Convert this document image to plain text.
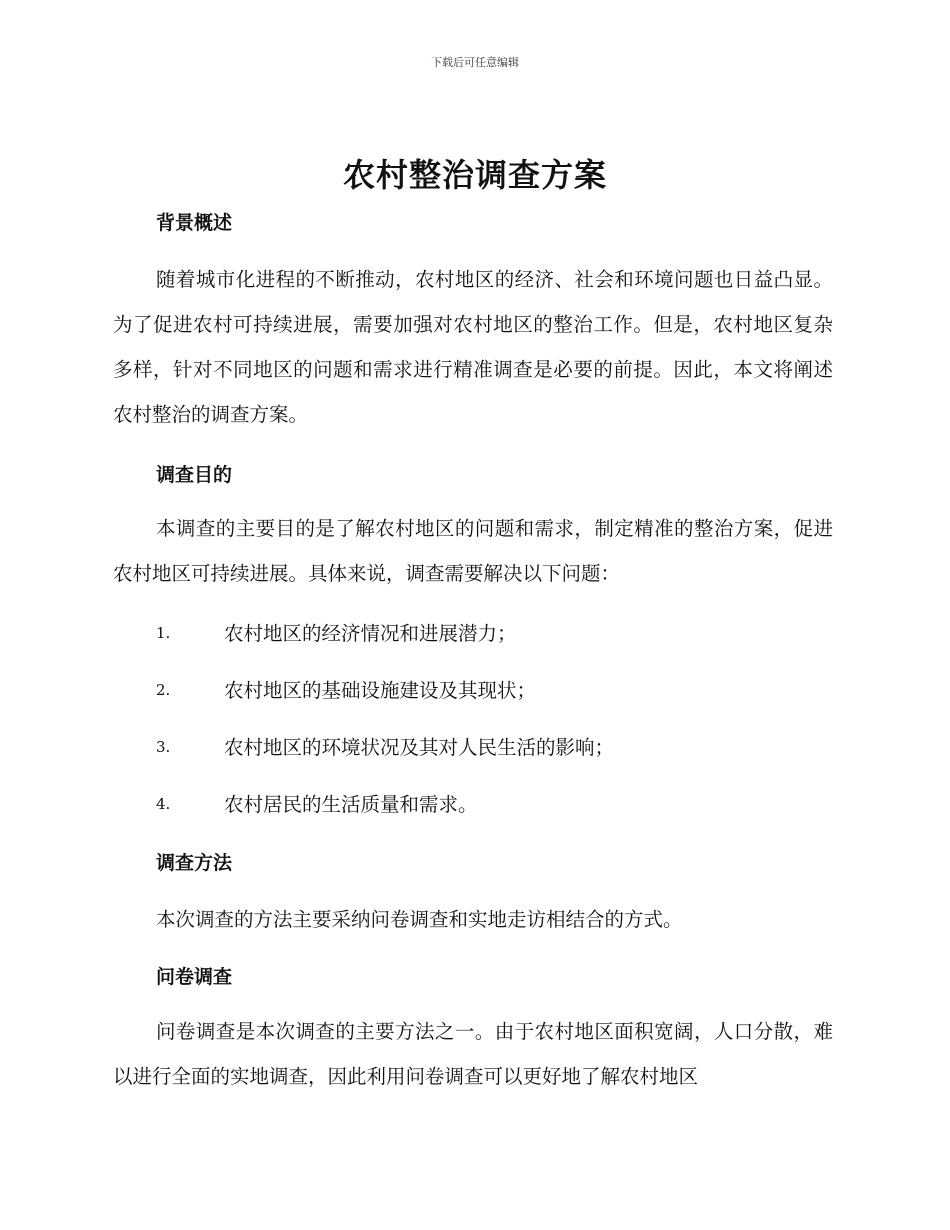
下载后可任意编辑
农村整治调查方案
背景概述

随着城市化进程的不断推动，农村地区的经济、社会和环境问题也日益凸显。为了促进农村可持续进展，需要加强对农村地区的整治工作。但是，农村地区复杂多样，针对不同地区的问题和需求进行精准调查是必要的前提。因此，本文将阐述农村整治的调查方案。

调查目的

本调查的主要目的是了解农村地区的问题和需求，制定精准的整治方案，促进农村地区可持续进展。具体来说，调查需要解决以下问题：

1.	农村地区的经济情况和进展潜力；
2.	农村地区的基础设施建设及其现状；
3.	农村地区的环境状况及其对人民生活的影响；
4.	农村居民的生活质量和需求。
调查方法
本次调查的方法主要采纳问卷调查和实地走访相结合的方式。
问卷调查

问卷调查是本次调查的主要方法之一。由于农村地区面积宽阔，人口分散，难以进行全面的实地调查，因此利用问卷调查可以更好地了解农村地区
